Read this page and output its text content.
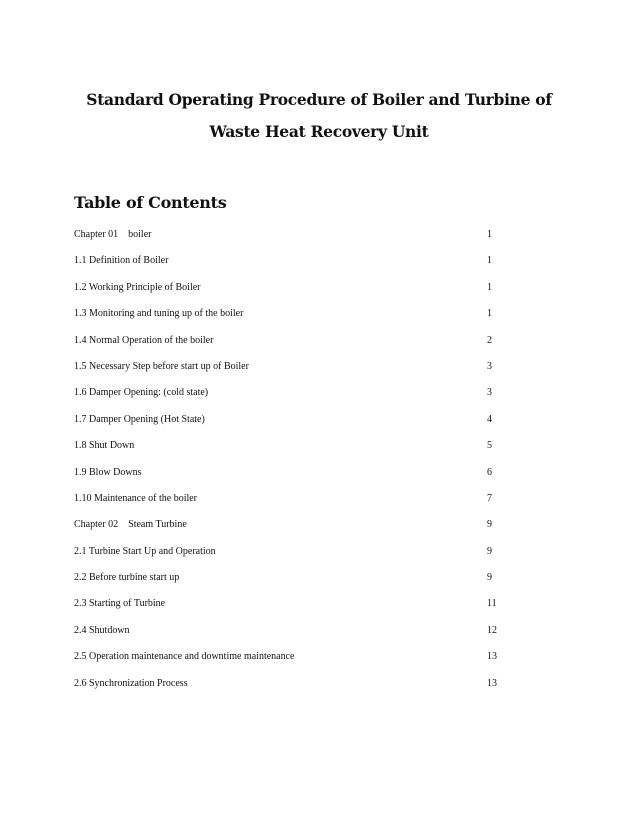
Standard Operating Procedure of Boiler and Turbine of
Waste Heat Recovery Unit
Table of Contents
Chapter 01    boiler	1
1.1 Definition of Boiler	1
1.2 Working Principle of Boiler	1
1.3 Monitoring and tuning up of the boiler	1
1.4 Normal Operation of the boiler	2
1.5 Necessary Step before start up of Boiler	3
1.6 Damper Opening: (cold state)	3
1.7 Damper Opening (Hot State)	4
1.8 Shut Down	5
1.9 Blow Downs	6
1.10 Maintenance of the boiler	7
Chapter 02    Steam Turbine	9
2.1 Turbine Start Up and Operation	9
2.2 Before turbine start up	9
2.3 Starting of Turbine	11
2.4 Shutdown	12
2.5 Operation maintenance and downtime maintenance	13
2.6 Synchronization Process	13
